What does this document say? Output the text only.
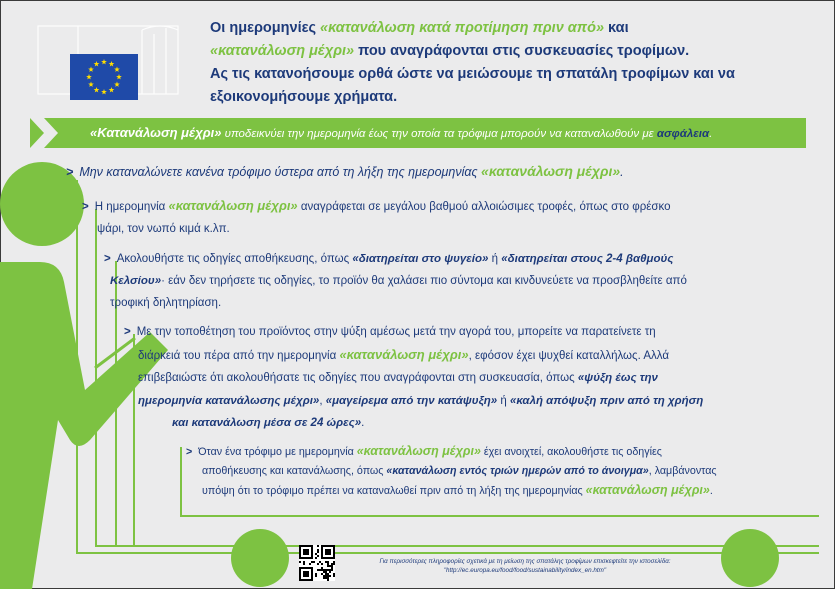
Οι ημερομηνίες «κατανάλωση κατά προτίμηση πριν από» και
«κατανάλωση μέχρι» που αναγράφονται στις συσκευασίες τροφίμων.
Ας τις κατανοήσουμε ορθά ώστε να μειώσουμε τη σπατάλη τροφίμων και να
εξοικονομήσουμε χρήματα.
«Κατανάλωση μέχρι» υποδεικνύει την ημερομηνία έως την οποία τα τρόφιμα μπορούν να καταναλωθούν με ασφάλεια.
> Μην καταναλώνετε κανένα τρόφιμο ύστερα από τη λήξη της ημερομηνίας «κατανάλωση μέχρι».
> Η ημερομηνία «κατανάλωση μέχρι» αναγράφεται σε μεγάλου βαθμού αλλοιώσιμες τροφές, όπως στο φρέσκο
ψάρι, τον νωπό κιμά κ.λπ.
> Ακολουθήστε τις οδηγίες αποθήκευσης, όπως «διατηρείται στο ψυγείο» ή «διατηρείται στους 2-4 βαθμούς
Κελσίου»· εάν δεν τηρήσετε τις οδηγίες, το προϊόν θα χαλάσει πιο σύντομα και κινδυνεύετε να προσβληθείτε από
τροφική δηλητηρίαση.
> Με την τοποθέτηση του προϊόντος στην ψύξη αμέσως μετά την αγορά του, μπορείτε να παρατείνετε τη
διάρκειά του πέρα από την ημερομηνία «κατανάλωση μέχρι», εφόσον έχει ψυχθεί καταλλήλως. Αλλά
επιβεβαιώστε ότι ακολουθήσατε τις οδηγίες που αναγράφονται στη συσκευασία, όπως «ψύξη έως την
ημερομηνία κατανάλωσης μέχρι», «μαγείρεμα από την κατάψυξη» ή «καλή απόψυξη πριν από τη χρήση
και κατανάλωση μέσα σε 24 ώρες».
> Όταν ένα τρόφιμο με ημερομηνία «κατανάλωση μέχρι» έχει ανοιχτεί, ακολουθήστε τις οδηγίες
αποθήκευσης και κατανάλωσης, όπως «κατανάλωση εντός τριών ημερών από το άνοιγμα», λαμβάνοντας
υπόψη ότι το τρόφιμο πρέπει να καταναλωθεί πριν από τη λήξη της ημερομηνίας «κατανάλωση μέχρι».
Για περισσότερες πληροφορίες σχετικά με τη μείωση της σπατάλης τροφίμων επισκεφτείτε την ιστοσελίδα:
"http://ec.europa.eu/food/food/sustainability/index_en.htm"
